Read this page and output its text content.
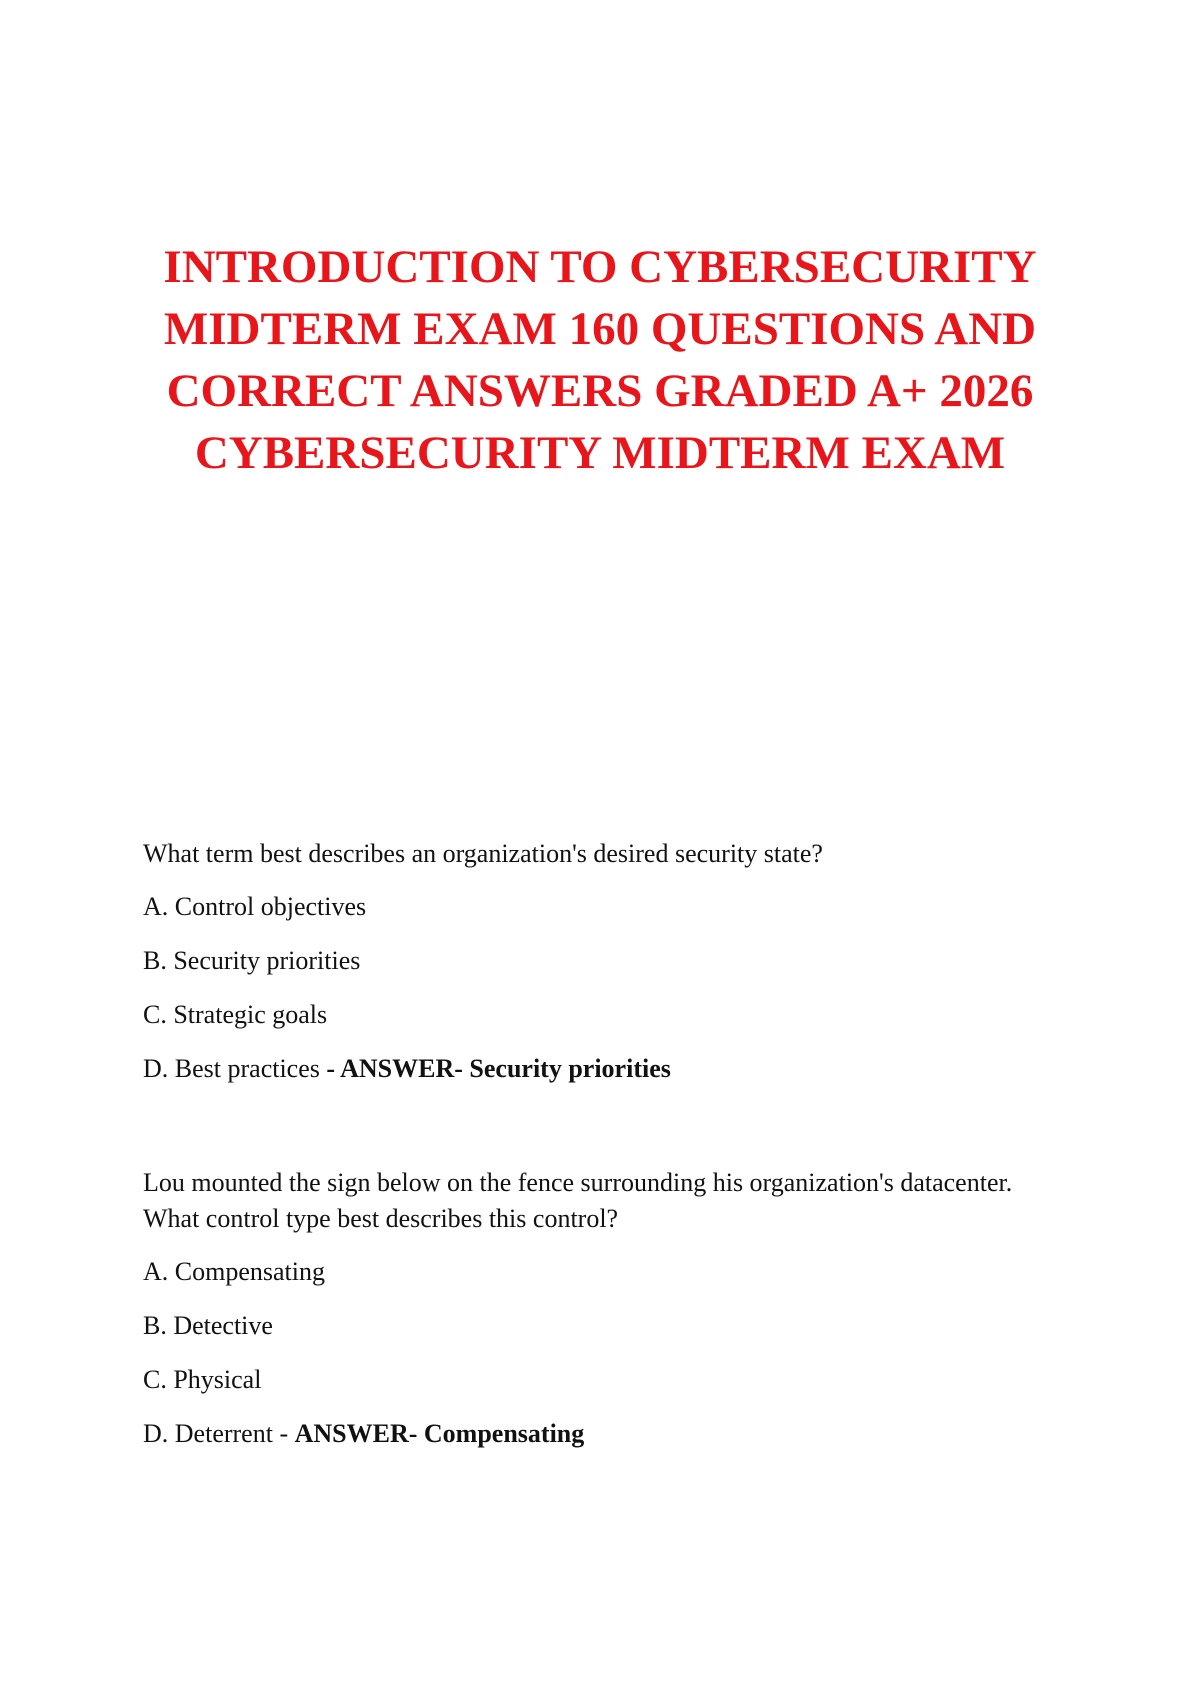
INTRODUCTION TO CYBERSECURITY
MIDTERM EXAM 160 QUESTIONS AND
CORRECT ANSWERS GRADED A+ 2026
CYBERSECURITY MIDTERM EXAM
What term best describes an organization's desired security state?
A. Control objectives
B. Security priorities
C. Strategic goals
D. Best practices - ANSWER- Security priorities
Lou mounted the sign below on the fence surrounding his organization's datacenter. What control type best describes this control?
A. Compensating
B. Detective
C. Physical
D. Deterrent - ANSWER- Compensating
